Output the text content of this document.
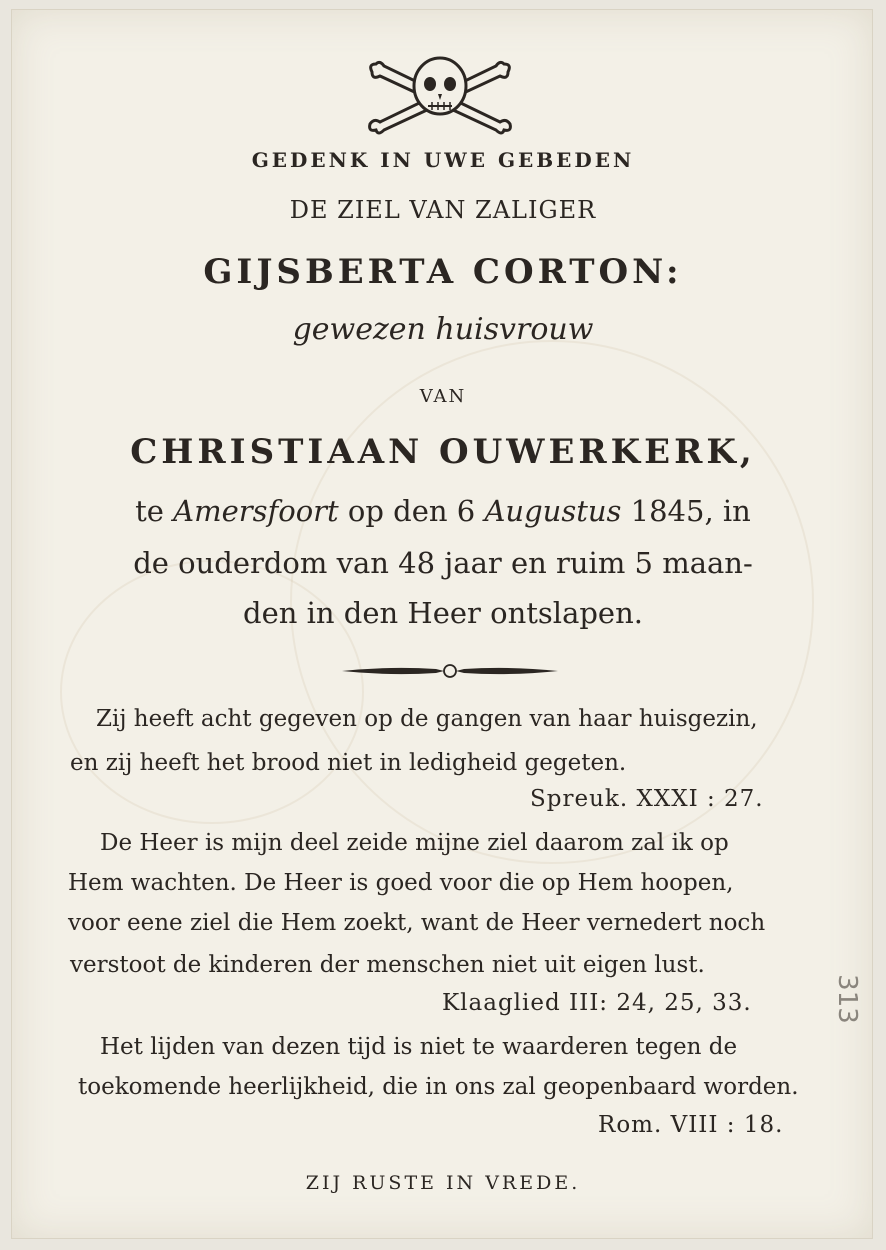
GEDENK IN UWE GEBEDEN
DE ZIEL VAN ZALIGER
GIJSBERTA CORTON:
gewezen huisvrouw
VAN
CHRISTIAAN OUWERKERK,
te Amersfoort op den 6 Augustus 1845, in
de ouderdom van 48 jaar en ruim 5 maan-
den in den Heer ontslapen.
Zij heeft acht gegeven op de gangen van haar huisgezin,
en zij heeft het brood niet in ledigheid gegeten.
Spreuk. XXXI : 27.
De Heer is mijn deel zeide mijne ziel daarom zal ik op
Hem wachten. De Heer is goed voor die op Hem hoopen,
voor eene ziel die Hem zoekt, want de Heer vernedert noch
verstoot de kinderen der menschen niet uit eigen lust.
Klaaglied III: 24, 25, 33.
Het lijden van dezen tijd is niet te waarderen tegen de
toekomende heerlijkheid, die in ons zal geopenbaard worden.
Rom. VIII : 18.
ZIJ RUSTE IN VREDE.
313
